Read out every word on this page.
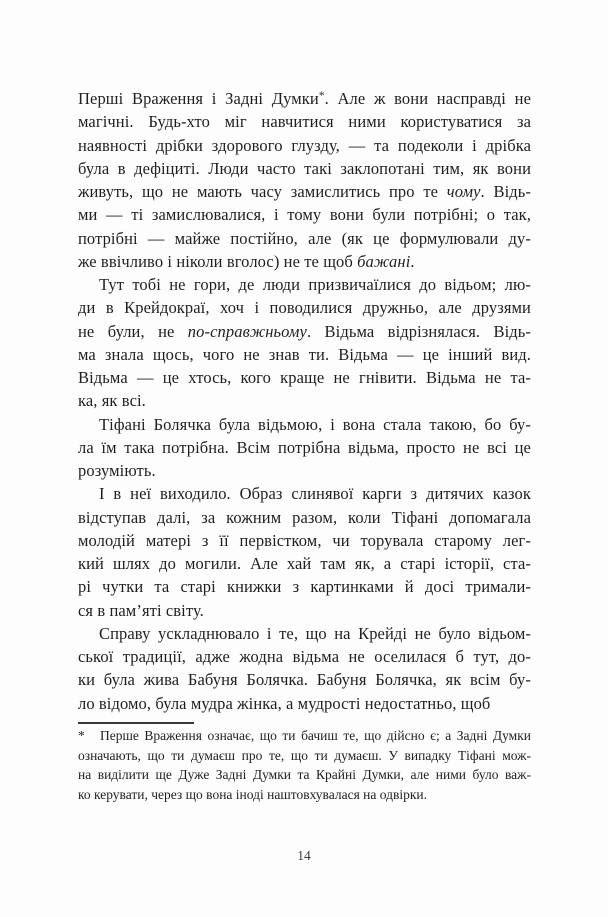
Перші Враження і Задні Думки*. Але ж вони насправді не
магічні. Будь-хто міг навчитися ними користуватися за
наявності дрібки здорового глузду, — та подеколи і дрібка
була в дефіциті. Люди часто такі заклопотані тим, як вони
живуть, що не мають часу замислитись про те чому. Відь-
ми — ті замислювалися, і тому вони були потрібні; о так,
потрібні — майже постійно, але (як це формулювали ду-
же ввічливо і ніколи вголос) не те щоб бажані.
Тут тобі не гори, де люди призвичаїлися до відьом; лю-
ди в Крейдокраї, хоч і поводилися дружньо, але друзями
не були, не по-справжньому. Відьма відрізнялася. Відь-
ма знала щось, чого не знав ти. Відьма — це інший вид.
Відьма — це хтось, кого краще не гнівити. Відьма не та-
ка, як всі.
Тіфані Болячка була відьмою, і вона стала такою, бо бу-
ла їм така потрібна. Всім потрібна відьма, просто не всі це
розуміють.
І в неї виходило. Образ слинявої карги з дитячих казок
відступав далі, за кожним разом, коли Тіфані допомагала
молодій матері з її первістком, чи торувала старому лег-
кий шлях до могили. Але хай там як, а старі історії, ста-
рі чутки та старі книжки з картинками й досі тримали-
ся в пам’яті світу.
Справу ускладнювало і те, що на Крейді не було відьом-
ської традиції, адже жодна відьма не оселилася б тут, до-
ки була жива Бабуня Болячка. Бабуня Болячка, як всім бу-
ло відомо, була мудра жінка, а мудрості недостатньо, щоб
* Перше Враження означає, що ти бачиш те, що дійсно є; а Задні Думки
означають, що ти думаєш про те, що ти думаєш. У випадку Тіфані мож-
на виділити ще Дуже Задні Думки та Крайні Думки, але ними було важ-
ко керувати, через що вона іноді наштовхувалася на одвірки.
14
